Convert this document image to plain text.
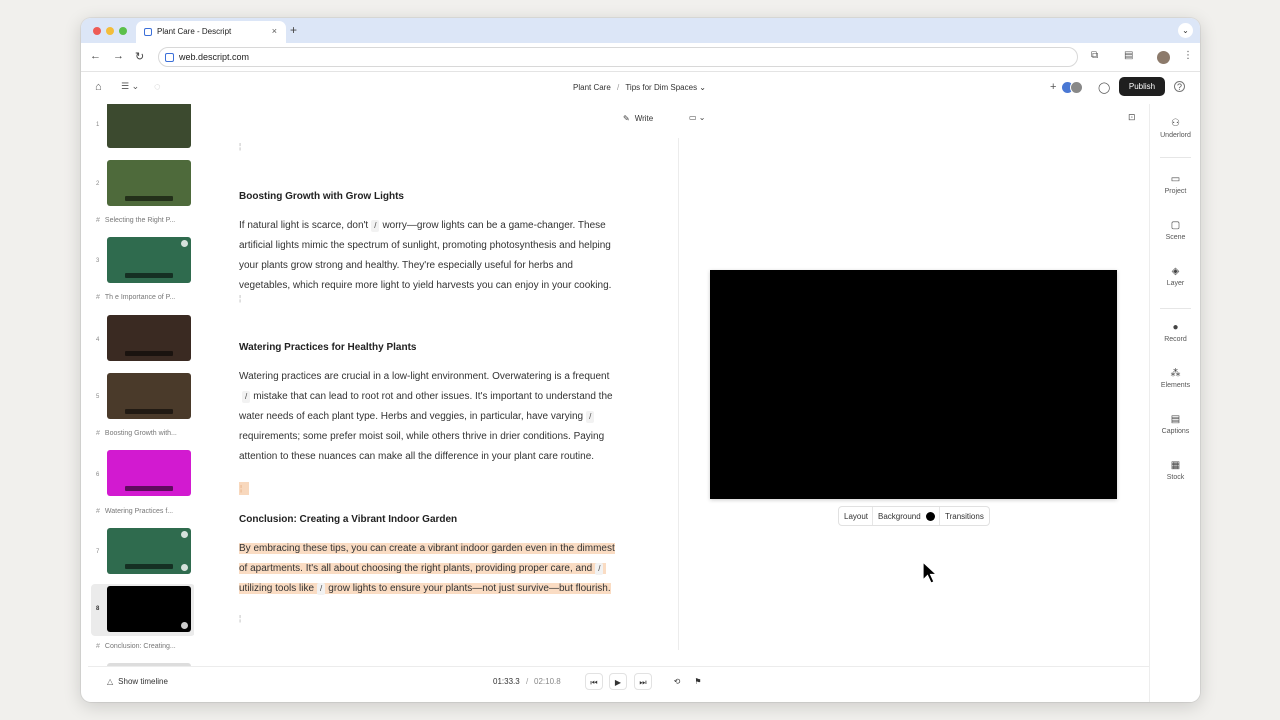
Plant Care - Descript	× +	⌄
← → ↻	web.descript.com	⧉	▤	⋮
⌂ ☰ ⌄ ◌	Plant Care / Tips for Dim Spaces ⌄	+	◯	Publish	?
1
2
# Selecting the Right P...
3
# Th e Importance of P...
4
5
# Boosting Growth with...
6
# Watering Practices f...
7
8
# Conclusion: Creating...
✎ Write
¦
Boosting Growth with Grow Lights
If natural light is scarce, don't / worry—grow lights can be a game-changer. These
artificial lights mimic the spectrum of sunlight, promoting photosynthesis and helping
your plants grow strong and healthy. They're especially useful for herbs and
vegetables, which require more light to yield harvests you can enjoy in your cooking.
¦
Watering Practices for Healthy Plants
Watering practices are crucial in a low-light environment. Overwatering is a frequent
/ mistake that can lead to root rot and other issues. It's important to understand the
water needs of each plant type. Herbs and veggies, in particular, have varying /
requirements; some prefer moist soil, while others thrive in drier conditions. Paying
attention to these nuances can make all the difference in your plant care routine.
¦
Conclusion: Creating a Vibrant Indoor Garden
By embracing these tips, you can create a vibrant indoor garden even in the dimmest
of apartments. It's all about choosing the right plants, providing proper care, and /
utilizing tools like / grow lights to ensure your plants—not just survive—but flourish.
¦
▭ ⌄	⊡
Layout Background	Transitions
⚇
Underlord
▭
Project
▢
Scene
◈
Layer
●
Record
⁂
Elements
▤
Captions
▦
Stock
△ Show timeline	01:33.3 / 02:10.8	⏮	▶	⏭	⟲	⚑
